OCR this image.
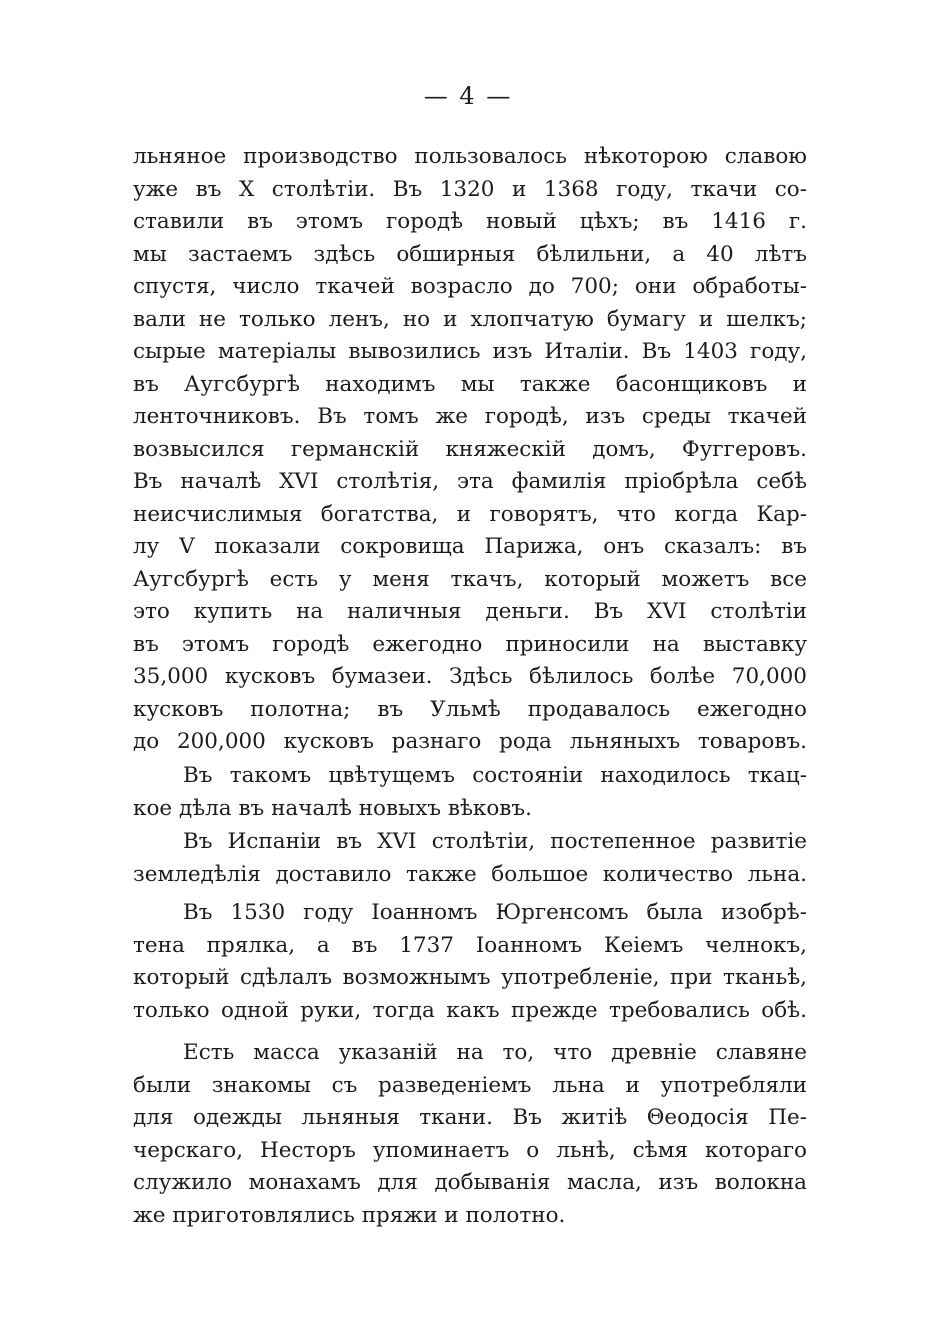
— 4 —
льняное производство пользовалось нѣкоторою славою
уже въ X столѣтіи. Въ 1320 и 1368 году, ткачи со-
ставили въ этомъ городѣ новый цѣхъ; въ 1416 г.
мы застаемъ здѣсь обширныя бѣлильни, а 40 лѣтъ
спустя, число ткачей возрасло до 700; они обработы-
вали не только ленъ, но и хлопчатую бумагу и шелкъ;
сырые матеріалы вывозились изъ Италіи. Въ 1403 году,
въ Аугсбургѣ находимъ мы также басонщиковъ и
ленточниковъ. Въ томъ же городѣ, изъ среды ткачей
возвысился германскій княжескій домъ, Фуггеровъ.
Въ началѣ XVI столѣтія, эта фамилія пріобрѣла себѣ
неисчислимыя богатства, и говорятъ, что когда Кар-
лу V показали сокровища Парижа, онъ сказалъ: въ
Аугсбургѣ есть у меня ткачъ, который можетъ все
это купить на наличныя деньги. Въ XVI столѣтіи
въ этомъ городѣ ежегодно приносили на выставку
35,000 кусковъ бумазеи. Здѣсь бѣлилось болѣе 70,000
кусковъ полотна; въ Ульмѣ продавалось ежегодно
до 200,000 кусковъ разнаго рода льняныхъ товаровъ.
Въ такомъ цвѣтущемъ состояніи находилось ткац-
кое дѣла въ началѣ новыхъ вѣковъ.
Въ Испаніи въ XVI столѣтіи, постепенное развитіе
земледѣлія доставило также большое количество льна.
Въ 1530 году Іоанномъ Юргенсомъ была изобрѣ-
тена прялка, а въ 1737 Іоанномъ Кеіемъ челнокъ,
который сдѣлалъ возможнымъ употребленіе, при тканьѣ,
только одной руки, тогда какъ прежде требовались обѣ.
Есть масса указаній на то, что древніе славяне
были знакомы съ разведеніемъ льна и употребляли
для одежды льняныя ткани. Въ житіѣ Θеодосія Пе-
черскаго, Несторъ упоминаетъ о льнѣ, сѣмя котораго
служило монахамъ для добыванія масла, изъ волокна
же приготовлялись пряжи и полотно.
